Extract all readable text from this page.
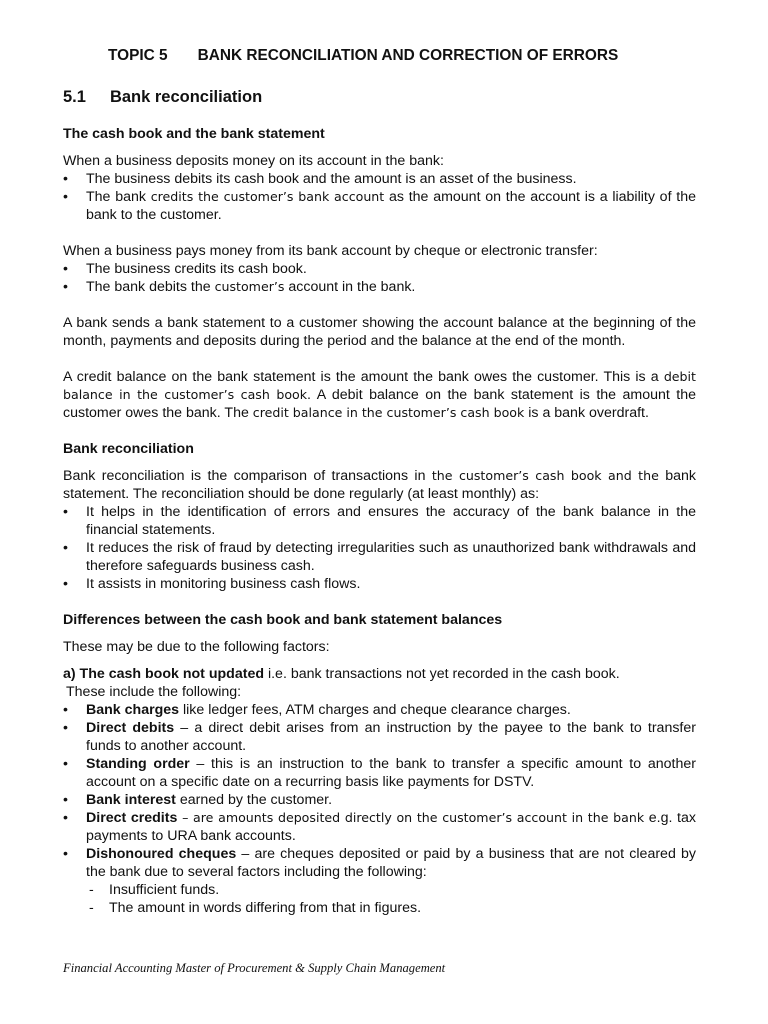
TOPIC 5 BANK RECONCILIATION AND CORRECTION OF ERRORS
5.1 Bank reconciliation
The cash book and the bank statement

When a business deposits money on its account in the bank:

• The business debits its cash book and the amount is an asset of the business.
• The bank credits the customer’s bank account as the amount on the account is a liability of the bank to the customer.

When a business pays money from its bank account by cheque or electronic transfer:

• The business credits its cash book.
• The bank debits the customer’s account in the bank.

A bank sends a bank statement to a customer showing the account balance at the beginning of the month, payments and deposits during the period and the balance at the end of the month.

A credit balance on the bank statement is the amount the bank owes the customer. This is a debit balance in the customer’s cash book. A debit balance on the bank statement is the amount the customer owes the bank. The credit balance in the customer’s cash book is a bank overdraft.

Bank reconciliation

Bank reconciliation is the comparison of transactions in the customer’s cash book and the bank statement. The reconciliation should be done regularly (at least monthly) as:

• It helps in the identification of errors and ensures the accuracy of the bank balance in the financial statements.
• It reduces the risk of fraud by detecting irregularities such as unauthorized bank withdrawals and therefore safeguards business cash.
• It assists in monitoring business cash flows.
Differences between the cash book and bank statement balances

These may be due to the following factors:

a) The cash book not updated i.e. bank transactions not yet recorded in the cash book.

These include the following:

• Bank charges like ledger fees, ATM charges and cheque clearance charges.
• Direct debits – a direct debit arises from an instruction by the payee to the bank to transfer funds to another account.
• Standing order – this is an instruction to the bank to transfer a specific amount to another account on a specific date on a recurring basis like payments for DSTV.
• Bank interest earned by the customer.
• Direct credits – are amounts deposited directly on the customer’s account in the bank e.g. tax payments to URA bank accounts.
• Dishonoured cheques – are cheques deposited or paid by a business that are not cleared by the bank due to several factors including the following:
- Insufficient funds.
- The amount in words differing from that in figures.
Financial Accounting Master of Procurement & Supply Chain Management
